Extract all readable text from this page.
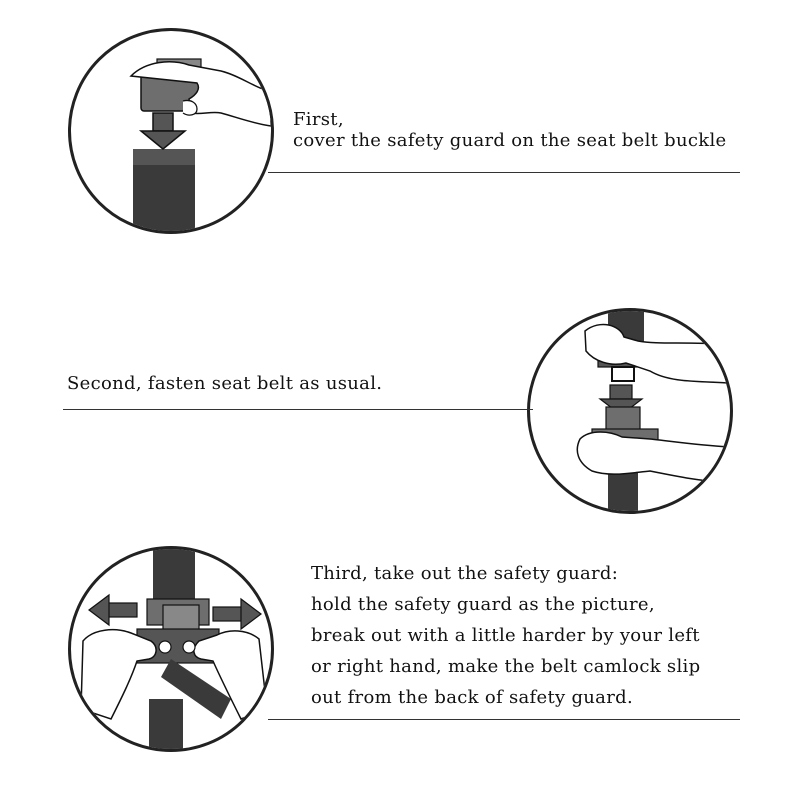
First,
cover the safety guard on the seat belt buckle
Second, fasten seat belt as usual.
Third, take out the safety guard:
hold the safety guard as the picture,
break out with a little harder by your left
or right hand, make the belt camlock slip
out from the back of safety guard.
